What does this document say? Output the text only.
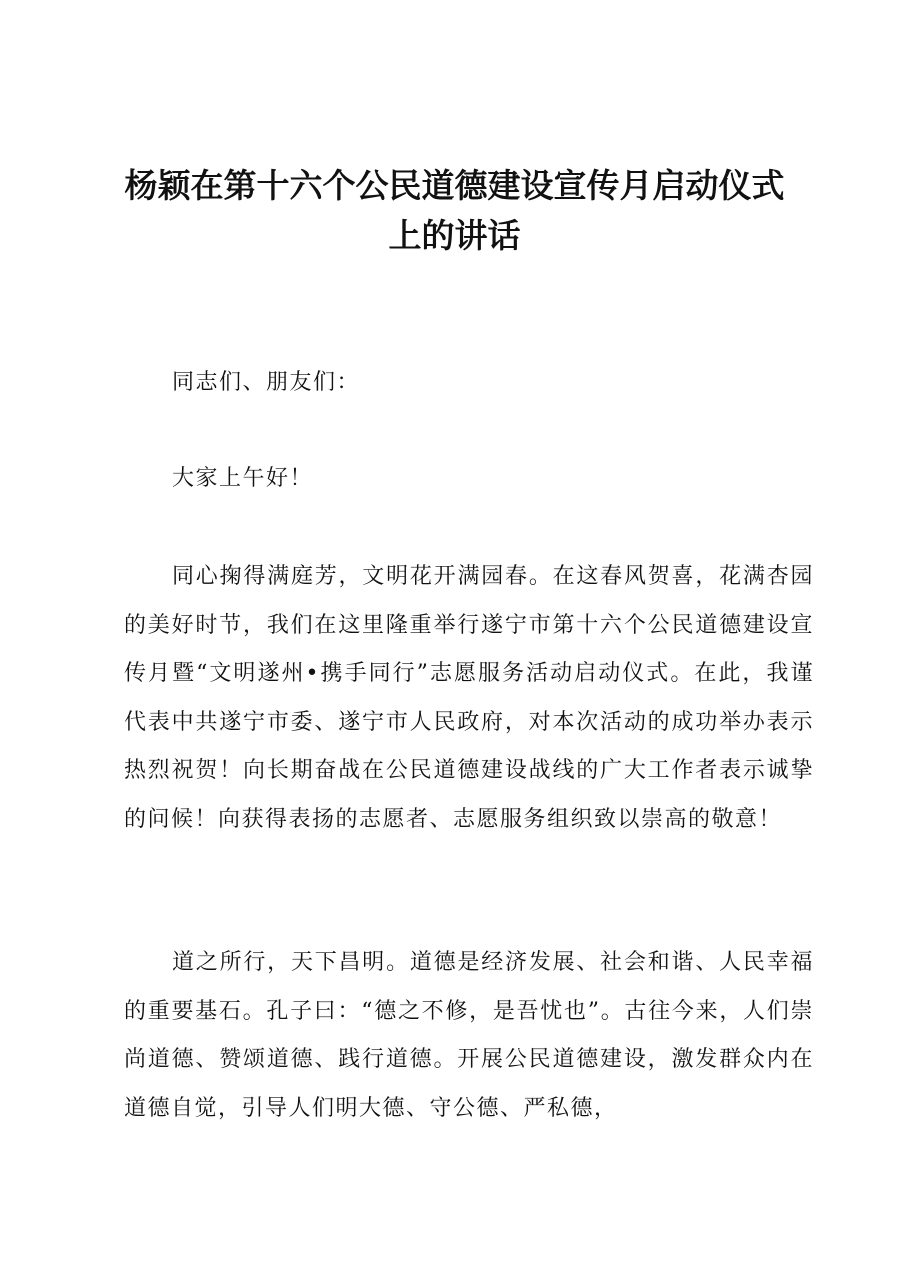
杨颖在第十六个公民道德建设宣传月启动仪式
上的讲话

同志们、朋友们：

大家上午好！

同心掬得满庭芳，文明花开满园春。在这春风贺喜，花满杏园的美好时节，我们在这里隆重举行遂宁市第十六个公民道德建设宣传月暨“文明遂州•携手同行”志愿服务活动启动仪式。在此，我谨代表中共遂宁市委、遂宁市人民政府，对本次活动的成功举办表示热烈祝贺！向长期奋战在公民道德建设战线的广大工作者表示诚挚的问候！向获得表扬的志愿者、志愿服务组织致以崇高的敬意！

道之所行，天下昌明。道德是经济发展、社会和谐、人民幸福的重要基石。孔子曰：“德之不修，是吾忧也”。古往今来，人们崇尚道德、赞颂道德、践行道德。开展公民道德建设，激发群众内在道德自觉，引导人们明大德、守公德、严私德，
